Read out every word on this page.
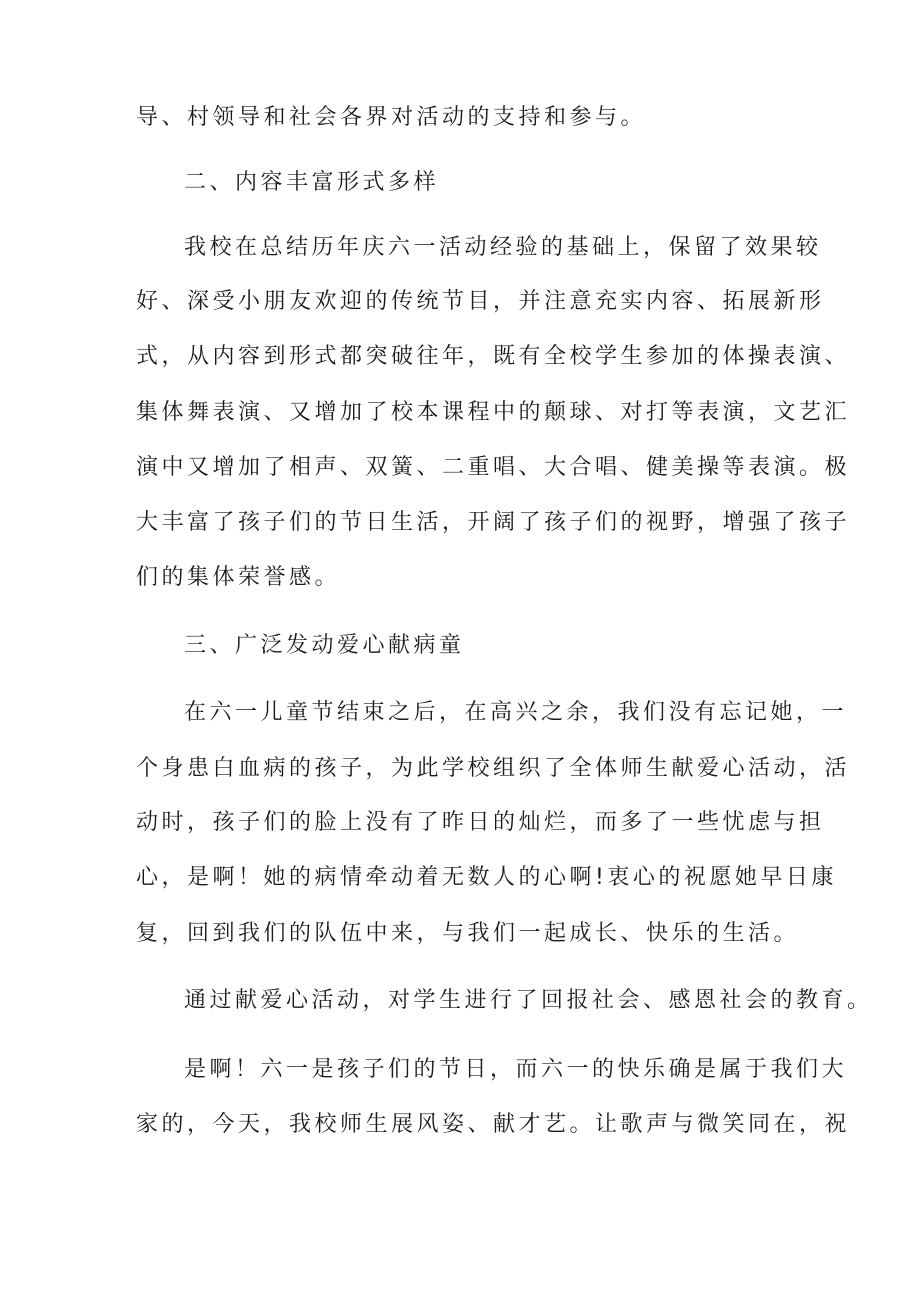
导、村领导和社会各界对活动的支持和参与。
二、内容丰富形式多样
我校在总结历年庆六一活动经验的基础上，保留了效果较
好、深受小朋友欢迎的传统节目，并注意充实内容、拓展新形
式，从内容到形式都突破往年，既有全校学生参加的体操表演、
集体舞表演、又增加了校本课程中的颠球、对打等表演，文艺汇
演中又增加了相声、双簧、二重唱、大合唱、健美操等表演。极
大丰富了孩子们的节日生活，开阔了孩子们的视野，增强了孩子
们的集体荣誉感。
三、广泛发动爱心献病童
在六一儿童节结束之后，在高兴之余，我们没有忘记她，一
个身患白血病的孩子，为此学校组织了全体师生献爱心活动，活
动时，孩子们的脸上没有了昨日的灿烂，而多了一些忧虑与担
心，是啊！她的病情牵动着无数人的心啊!衷心的祝愿她早日康
复，回到我们的队伍中来，与我们一起成长、快乐的生活。
通过献爱心活动，对学生进行了回报社会、感恩社会的教育。
是啊！六一是孩子们的节日，而六一的快乐确是属于我们大
家的，今天，我校师生展风姿、献才艺。让歌声与微笑同在，祝
